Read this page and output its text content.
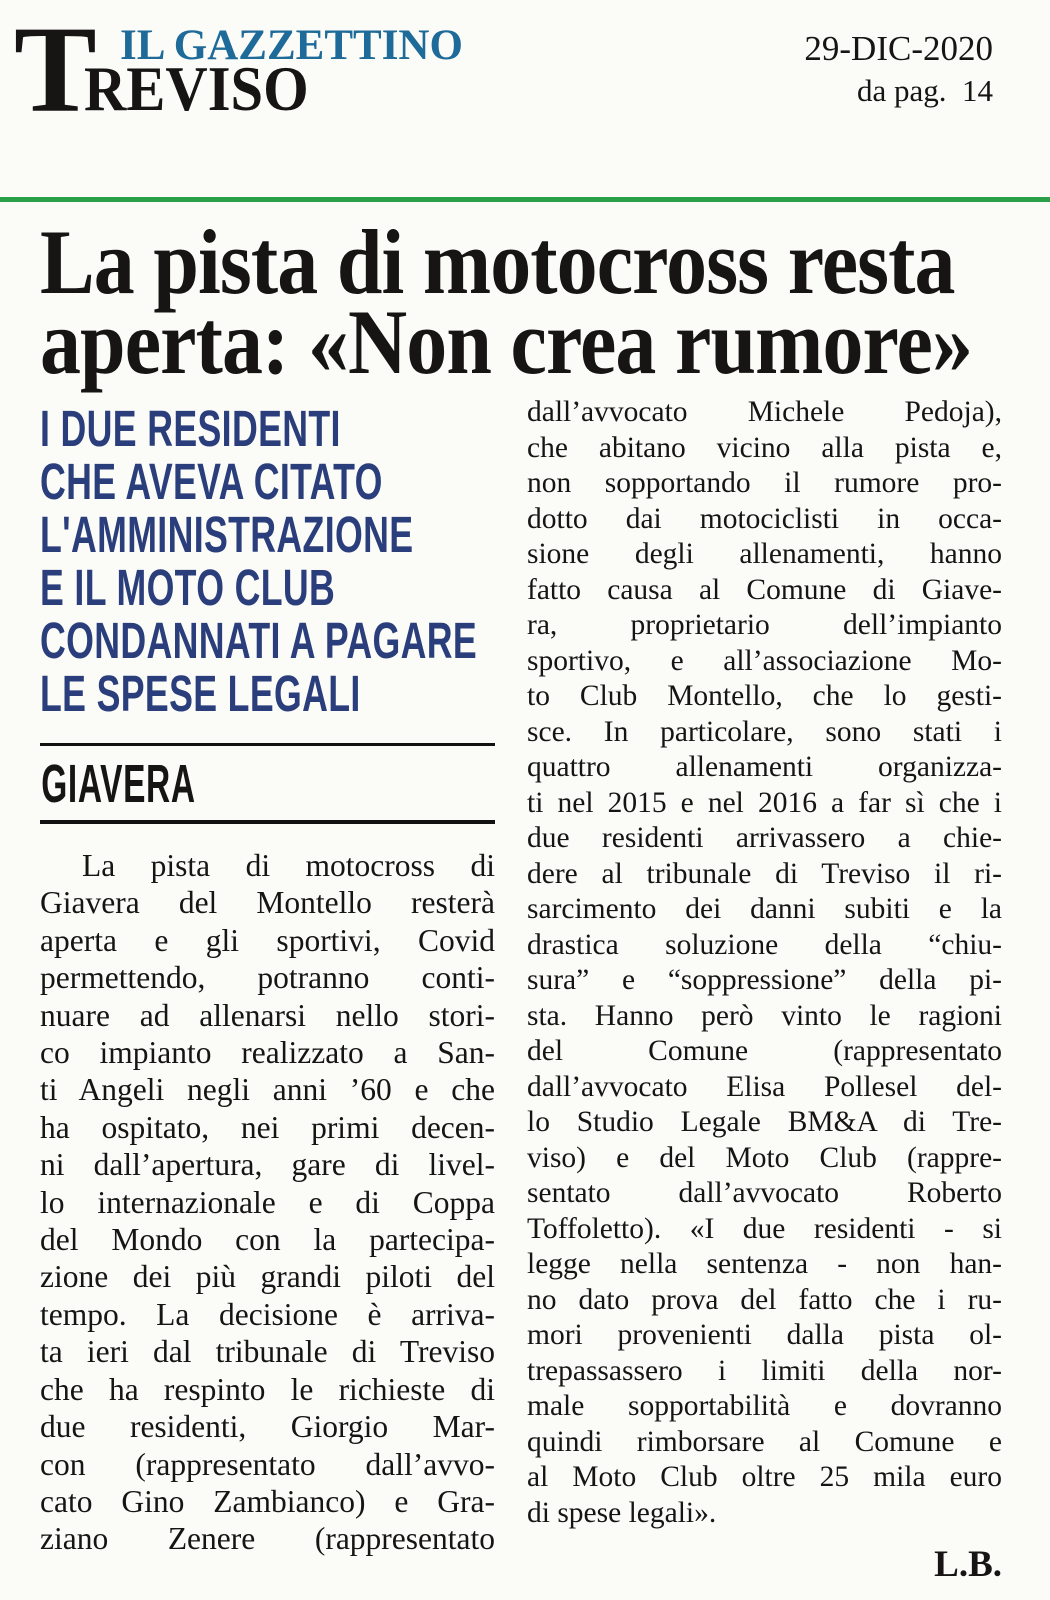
T IL GAZZETTINO
REVISO
29-DIC-2020
da pag.  14
La pista di motocross resta
aperta: «Non crea rumore»
I DUE RESIDENTI
CHE AVEVA CITATO
L'AMMINISTRAZIONE
E IL MOTO CLUB
CONDANNATI A PAGARE
LE SPESE LEGALI
GIAVERA
La pista di motocross di
Giavera del Montello resterà
aperta e gli sportivi, Covid
permettendo, potranno conti-
nuare ad allenarsi nello stori-
co impianto realizzato a San-
ti Angeli negli anni ’60 e che
ha ospitato, nei primi decen-
ni dall’apertura, gare di livel-
lo internazionale e di Coppa
del Mondo con la partecipa-
zione dei più grandi piloti del
tempo. La decisione è arriva-
ta ieri dal tribunale di Treviso
che ha respinto le richieste di
due residenti, Giorgio Mar-
con (rappresentato dall’avvo-
cato Gino Zambianco) e Gra-
ziano Zenere (rappresentato
dall’avvocato Michele Pedoja),
che abitano vicino alla pista e,
non sopportando il rumore pro-
dotto dai motociclisti in occa-
sione degli allenamenti, hanno
fatto causa al Comune di Giave-
ra, proprietario dell’impianto
sportivo, e all’associazione Mo-
to Club Montello, che lo gesti-
sce. In particolare, sono stati i
quattro allenamenti organizza-
ti nel 2015 e nel 2016 a far sì che i
due residenti arrivassero a chie-
dere al tribunale di Treviso il ri-
sarcimento dei danni subiti e la
drastica soluzione della “chiu-
sura” e “soppressione” della pi-
sta. Hanno però vinto le ragioni
del Comune (rappresentato
dall’avvocato Elisa Pollesel del-
lo Studio Legale BM&A di Tre-
viso) e del Moto Club (rappre-
sentato dall’avvocato Roberto
Toffoletto). «I due residenti - si
legge nella sentenza - non han-
no dato prova del fatto che i ru-
mori provenienti dalla pista ol-
trepassassero i limiti della nor-
male sopportabilità e dovranno
quindi rimborsare al Comune e
al Moto Club oltre 25 mila euro
di spese legali».
L.B.
